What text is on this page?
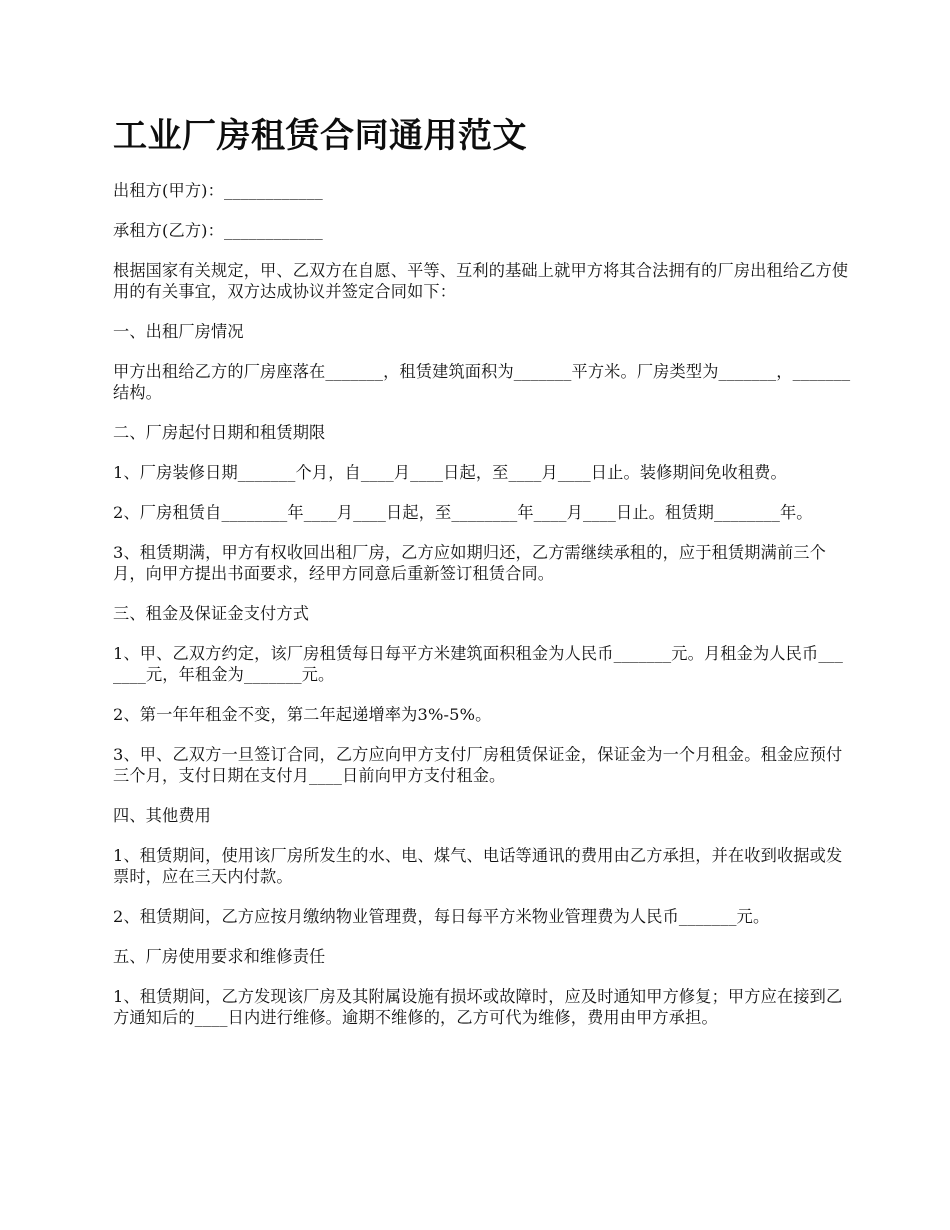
工业厂房租赁合同通用范文

出租方(甲方)：____________

承租方(乙方)：____________

根据国家有关规定，甲、乙双方在自愿、平等、互利的基础上就甲方将其合法拥有的厂房出租给乙方使用的有关事宜，双方达成协议并签定合同如下：

一、出租厂房情况

甲方出租给乙方的厂房座落在_______，租赁建筑面积为_______平方米。厂房类型为_______，_______结构。

二、厂房起付日期和租赁期限

1、厂房装修日期_______个月，自____月____日起，至____月____日止。装修期间免收租费。

2、厂房租赁自________年____月____日起，至________年____月____日止。租赁期________年。

3、租赁期满，甲方有权收回出租厂房，乙方应如期归还，乙方需继续承租的，应于租赁期满前三个月，向甲方提出书面要求，经甲方同意后重新签订租赁合同。

三、租金及保证金支付方式

1、甲、乙双方约定，该厂房租赁每日每平方米建筑面积租金为人民币_______元。月租金为人民币_______元，年租金为_______元。

2、第一年年租金不变，第二年起递增率为3%-5%。

3、甲、乙双方一旦签订合同，乙方应向甲方支付厂房租赁保证金，保证金为一个月租金。租金应预付三个月，支付日期在支付月____日前向甲方支付租金。

四、其他费用

1、租赁期间，使用该厂房所发生的水、电、煤气、电话等通讯的费用由乙方承担，并在收到收据或发票时，应在三天内付款。

2、租赁期间，乙方应按月缴纳物业管理费，每日每平方米物业管理费为人民币_______元。

五、厂房使用要求和维修责任

1、租赁期间，乙方发现该厂房及其附属设施有损坏或故障时，应及时通知甲方修复；甲方应在接到乙方通知后的____日内进行维修。逾期不维修的，乙方可代为维修，费用由甲方承担。
